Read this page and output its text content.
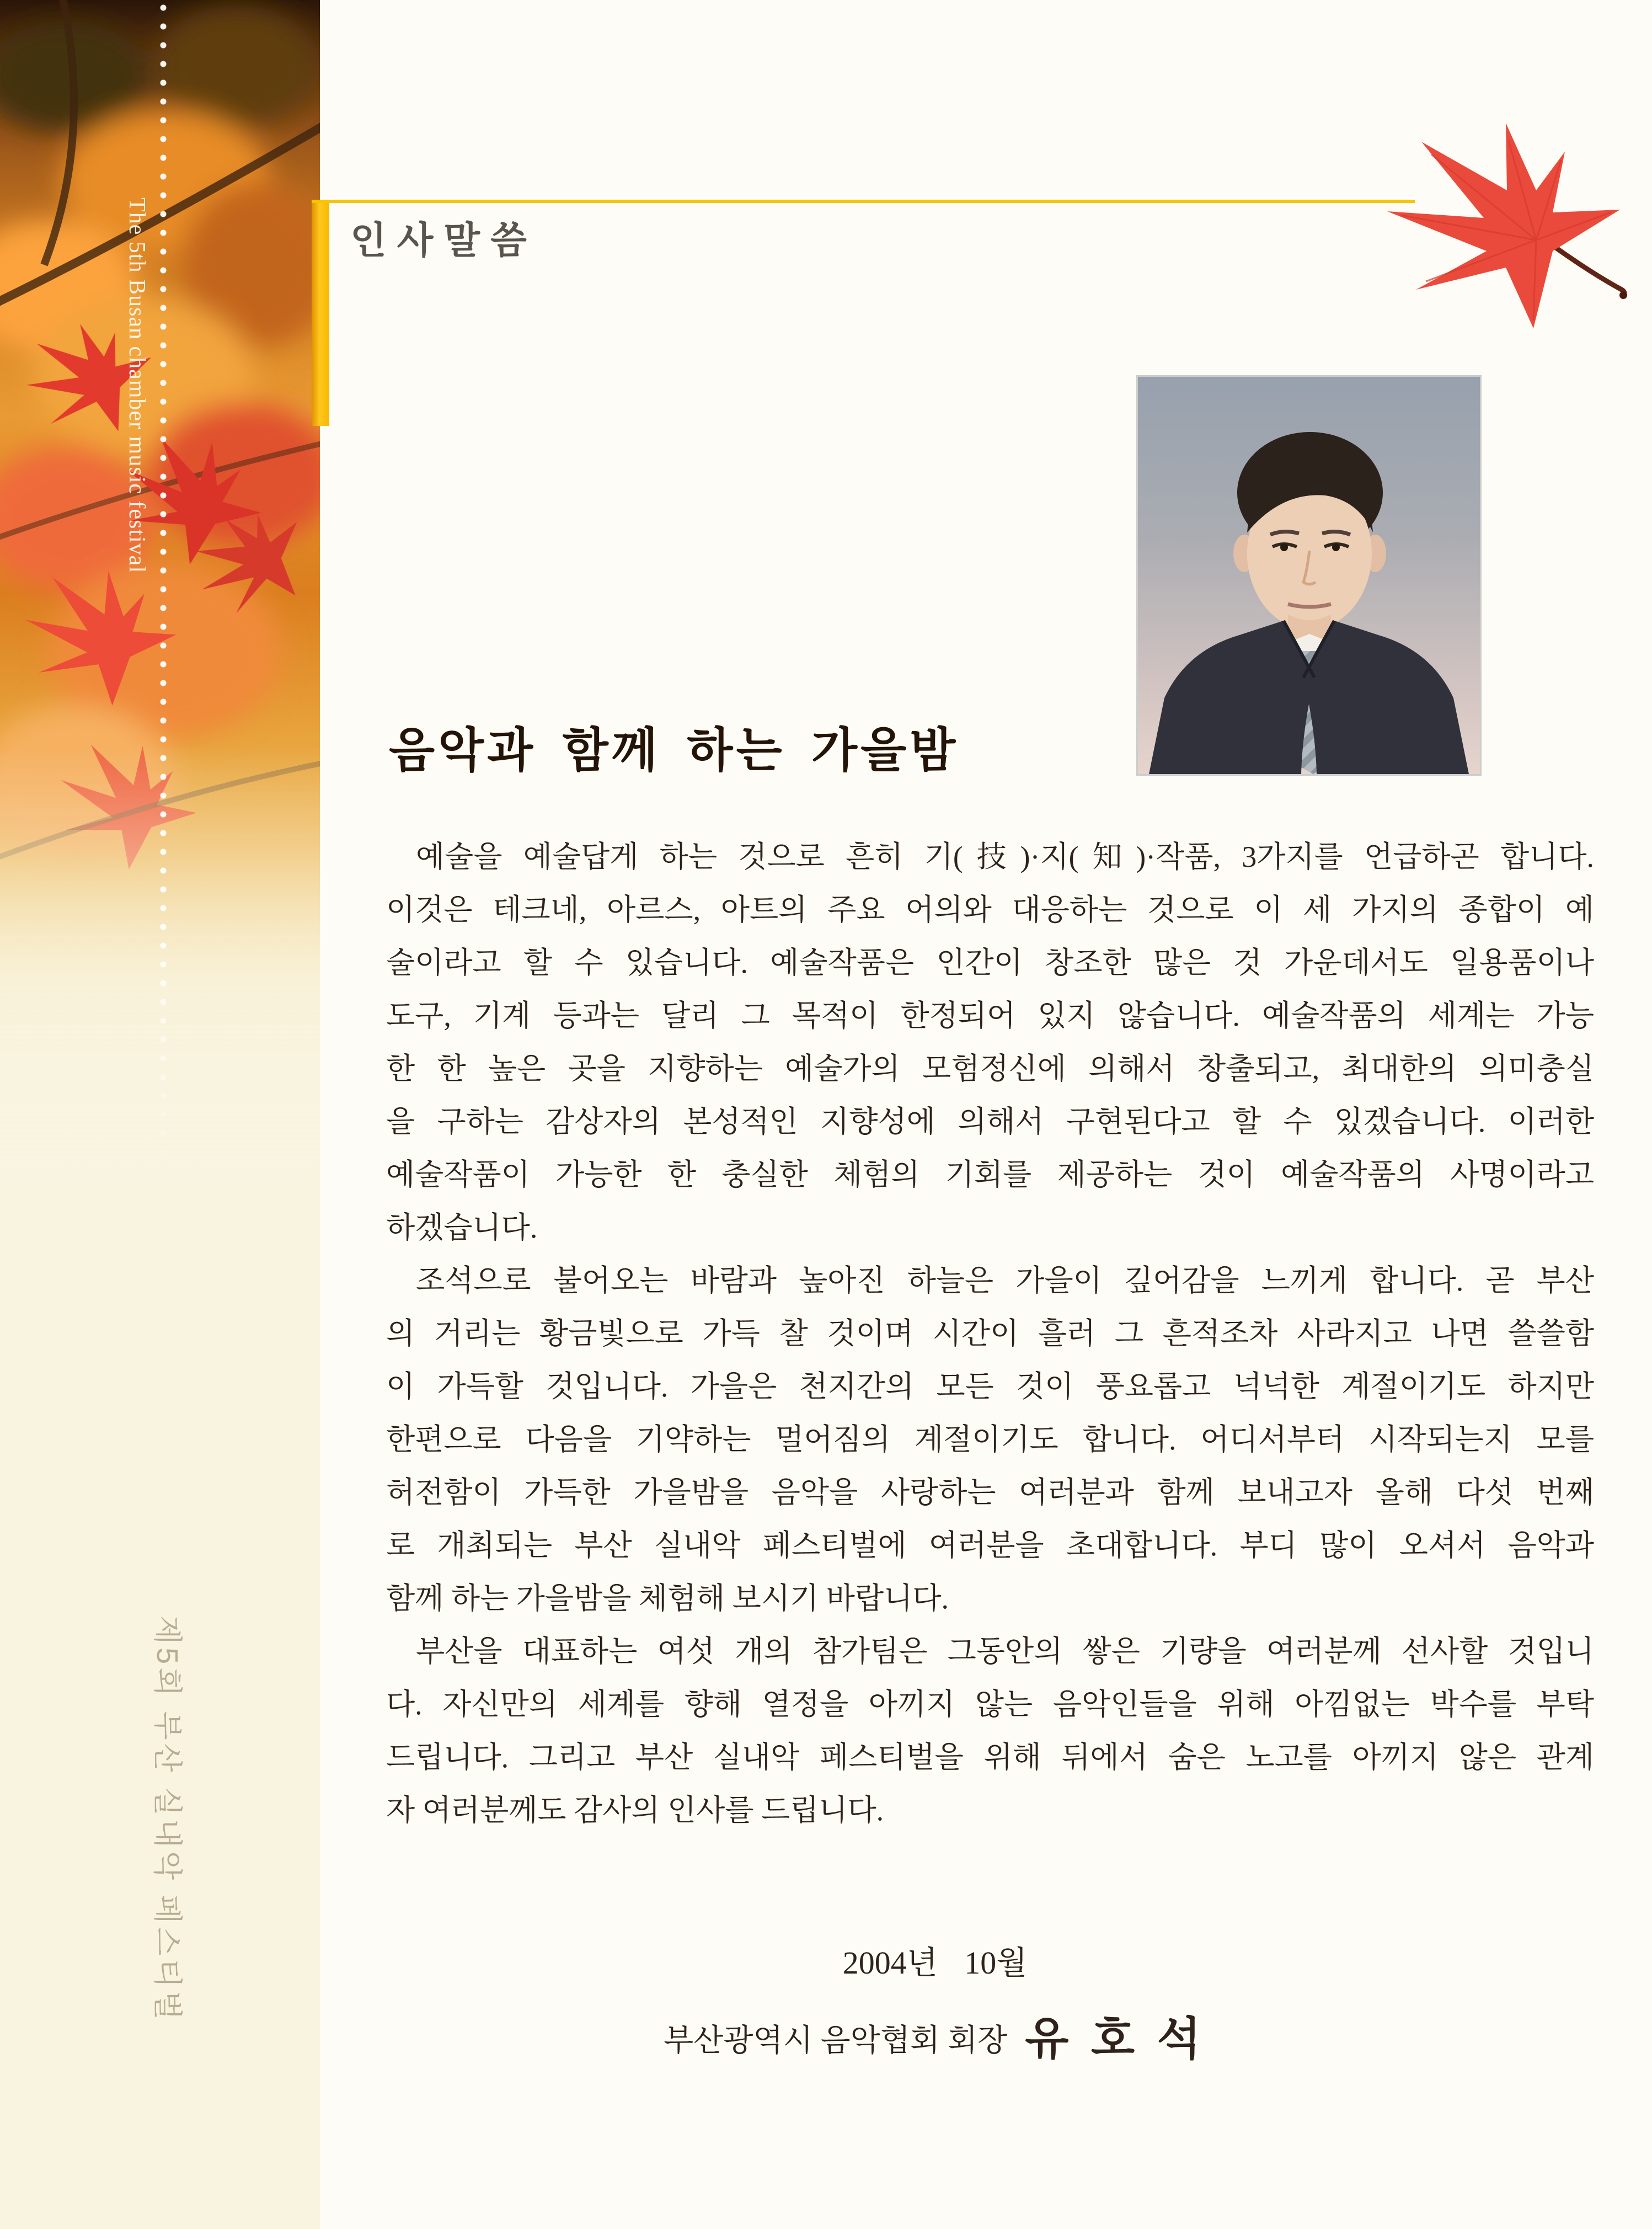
The 5th Busan chamber music festival
제5회 부산 실내악 페스티벌
인사말씀
음악과 함께 하는 가을밤
예술을 예술답게 하는 것으로 흔히 기(技)·지(知)·작품, 3가지를 언급하곤 합니다.
이것은 테크네, 아르스, 아트의 주요 어의와 대응하는 것으로 이 세 가지의 종합이 예
술이라고 할 수 있습니다. 예술작품은 인간이 창조한 많은 것 가운데서도 일용품이나
도구, 기계 등과는 달리 그 목적이 한정되어 있지 않습니다. 예술작품의 세계는 가능
한 한 높은 곳을 지향하는 예술가의 모험정신에 의해서 창출되고, 최대한의 의미충실
을 구하는 감상자의 본성적인 지향성에 의해서 구현된다고 할 수 있겠습니다. 이러한
예술작품이 가능한 한 충실한 체험의 기회를 제공하는 것이 예술작품의 사명이라고
하겠습니다.
조석으로 불어오는 바람과 높아진 하늘은 가을이 깊어감을 느끼게 합니다. 곧 부산
의 거리는 황금빛으로 가득 찰 것이며 시간이 흘러 그 흔적조차 사라지고 나면 쓸쓸함
이 가득할 것입니다. 가을은 천지간의 모든 것이 풍요롭고 넉넉한 계절이기도 하지만
한편으로 다음을 기약하는 멀어짐의 계절이기도 합니다. 어디서부터 시작되는지 모를
허전함이 가득한 가을밤을 음악을 사랑하는 여러분과 함께 보내고자 올해 다섯 번째
로 개최되는 부산 실내악 페스티벌에 여러분을 초대합니다. 부디 많이 오셔서 음악과
함께 하는 가을밤을 체험해 보시기 바랍니다.
부산을 대표하는 여섯 개의 참가팀은 그동안의 쌓은 기량을 여러분께 선사할 것입니
다. 자신만의 세계를 향해 열정을 아끼지 않는 음악인들을 위해 아낌없는 박수를 부탁
드립니다. 그리고 부산 실내악 페스티벌을 위해 뒤에서 숨은 노고를 아끼지 않은 관계
자 여러분께도 감사의 인사를 드립니다.
2004년 10월
부산광역시 음악협회 회장 유 호 석
